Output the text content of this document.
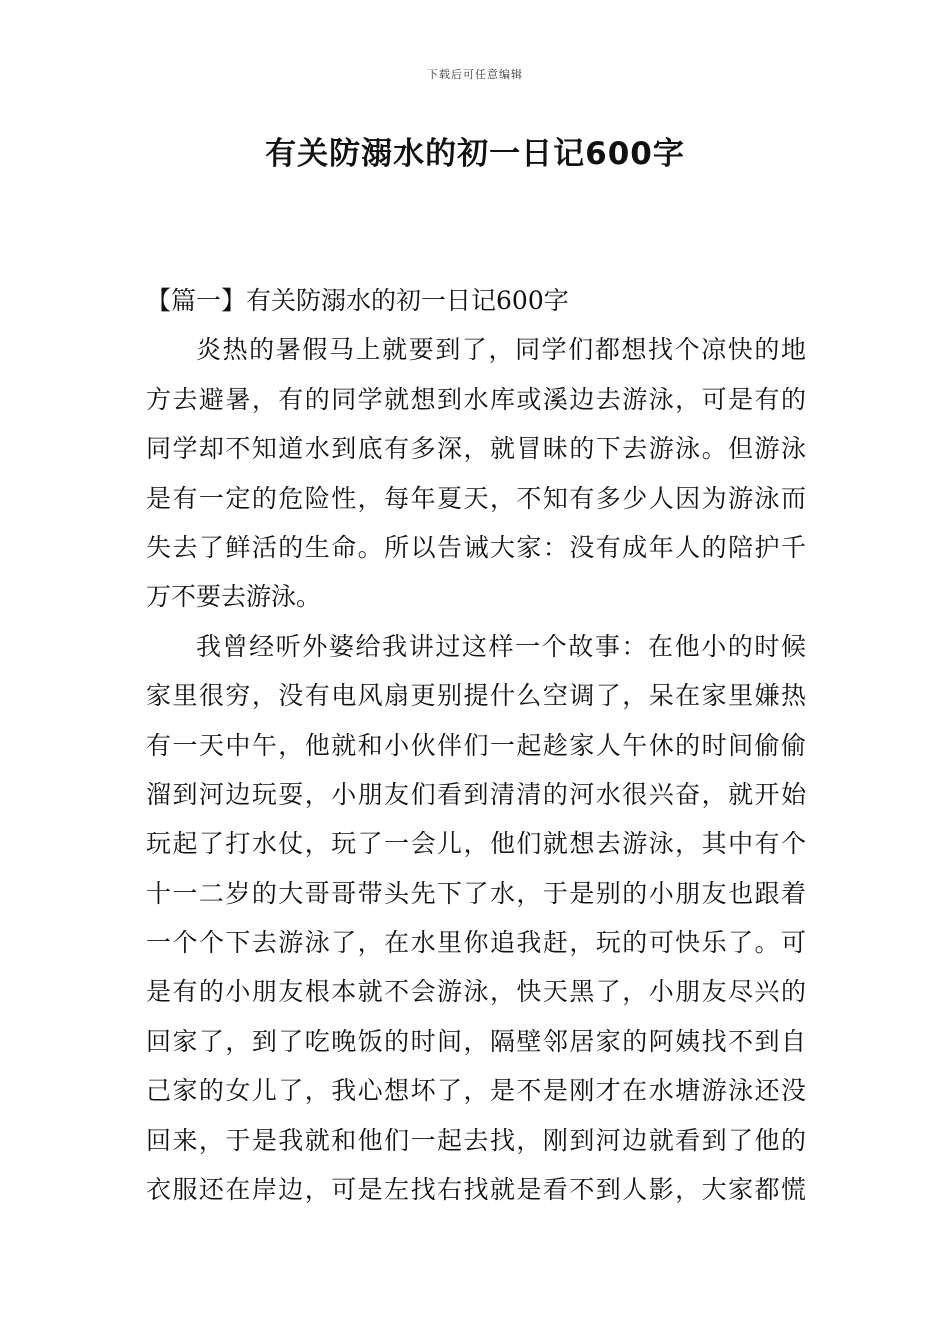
下载后可任意编辑
有关防溺水的初一日记600字

【篇一】有关防溺水的初一日记600字

炎热的暑假马上就要到了，同学们都想找个凉快的地
方去避暑，有的同学就想到水库或溪边去游泳，可是有的
同学却不知道水到底有多深，就冒昧的下去游泳。但游泳
是有一定的危险性，每年夏天，不知有多少人因为游泳而
失去了鲜活的生命。所以告诫大家：没有成年人的陪护千
万不要去游泳。

我曾经听外婆给我讲过这样一个故事：在他小的时候
家里很穷，没有电风扇更别提什么空调了，呆在家里嫌热
有一天中午，他就和小伙伴们一起趁家人午休的时间偷偷
溜到河边玩耍，小朋友们看到清清的河水很兴奋，就开始
玩起了打水仗，玩了一会儿，他们就想去游泳，其中有个
十一二岁的大哥哥带头先下了水，于是别的小朋友也跟着
一个个下去游泳了，在水里你追我赶，玩的可快乐了。可
是有的小朋友根本就不会游泳，快天黑了，小朋友尽兴的
回家了，到了吃晚饭的时间，隔壁邻居家的阿姨找不到自
己家的女儿了，我心想坏了，是不是刚才在水塘游泳还没
回来，于是我就和他们一起去找，刚到河边就看到了他的
衣服还在岸边，可是左找右找就是看不到人影，大家都慌
